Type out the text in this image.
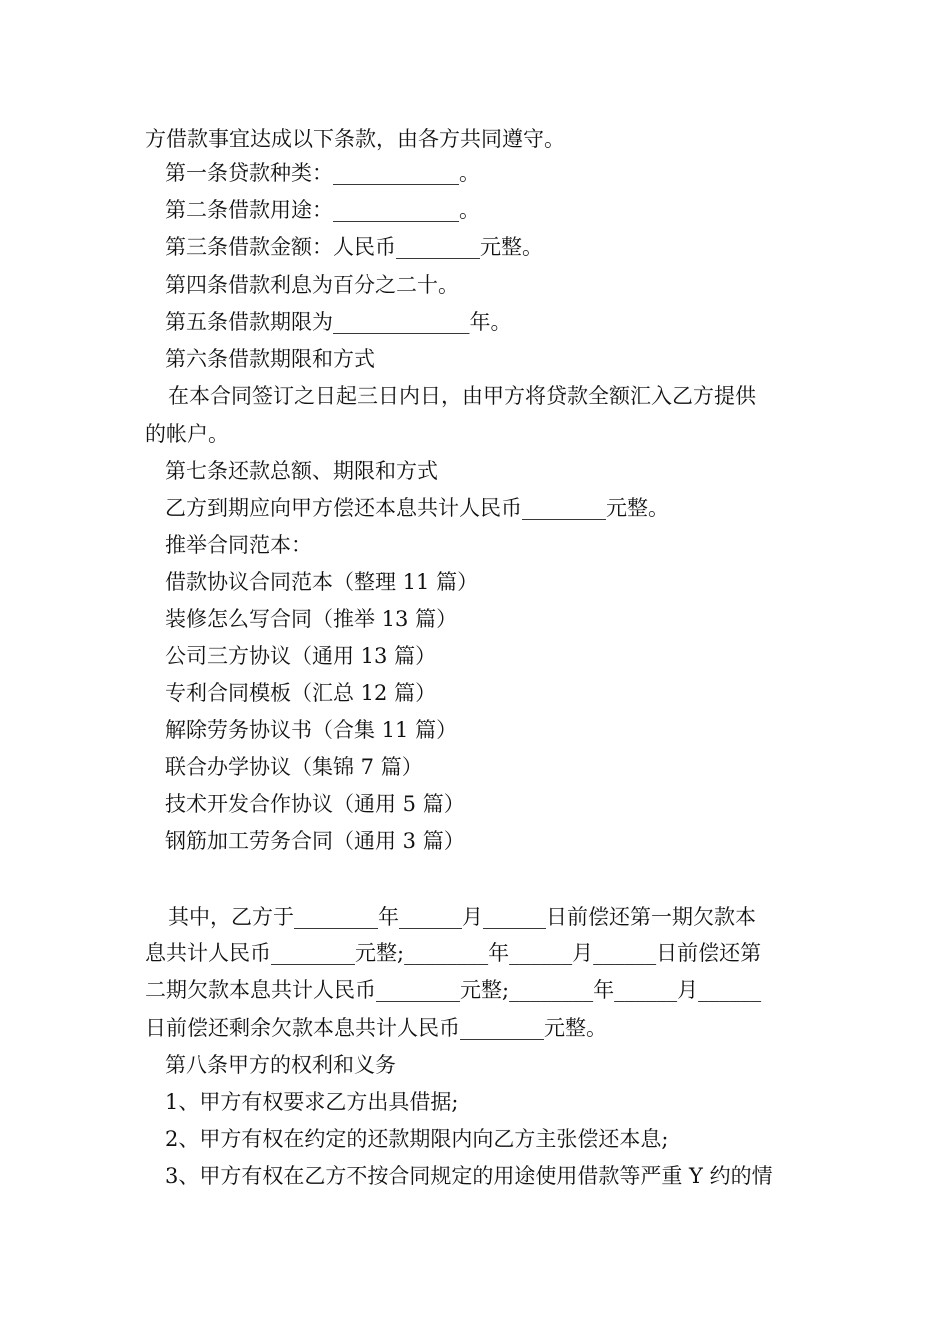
方借款事宜达成以下条款，由各方共同遵守。
第一条贷款种类：____________。
第二条借款用途：____________。
第三条借款金额：人民币________元整。
第四条借款利息为百分之二十。
第五条借款期限为_____________年。
第六条借款期限和方式
在本合同签订之日起三日内日，由甲方将贷款全额汇入乙方提供
的帐户。
第七条还款总额、期限和方式
乙方到期应向甲方偿还本息共计人民币________元整。
推举合同范本：
借款协议合同范本（整理 11 篇）
装修怎么写合同（推举 13 篇）
公司三方协议（通用 13 篇）
专利合同模板（汇总 12 篇）
解除劳务协议书（合集 11 篇）
联合办学协议（集锦 7 篇）
技术开发合作协议（通用 5 篇）
钢筋加工劳务合同（通用 3 篇）
其中，乙方于________年______月______日前偿还第一期欠款本
息共计人民币________元整;________年______月______日前偿还第
二期欠款本息共计人民币________元整;________年______月______
日前偿还剩余欠款本息共计人民币________元整。
第八条甲方的权利和义务
1、甲方有权要求乙方出具借据;
2、甲方有权在约定的还款期限内向乙方主张偿还本息;
3、甲方有权在乙方不按合同规定的用途使用借款等严重 Y 约的情
